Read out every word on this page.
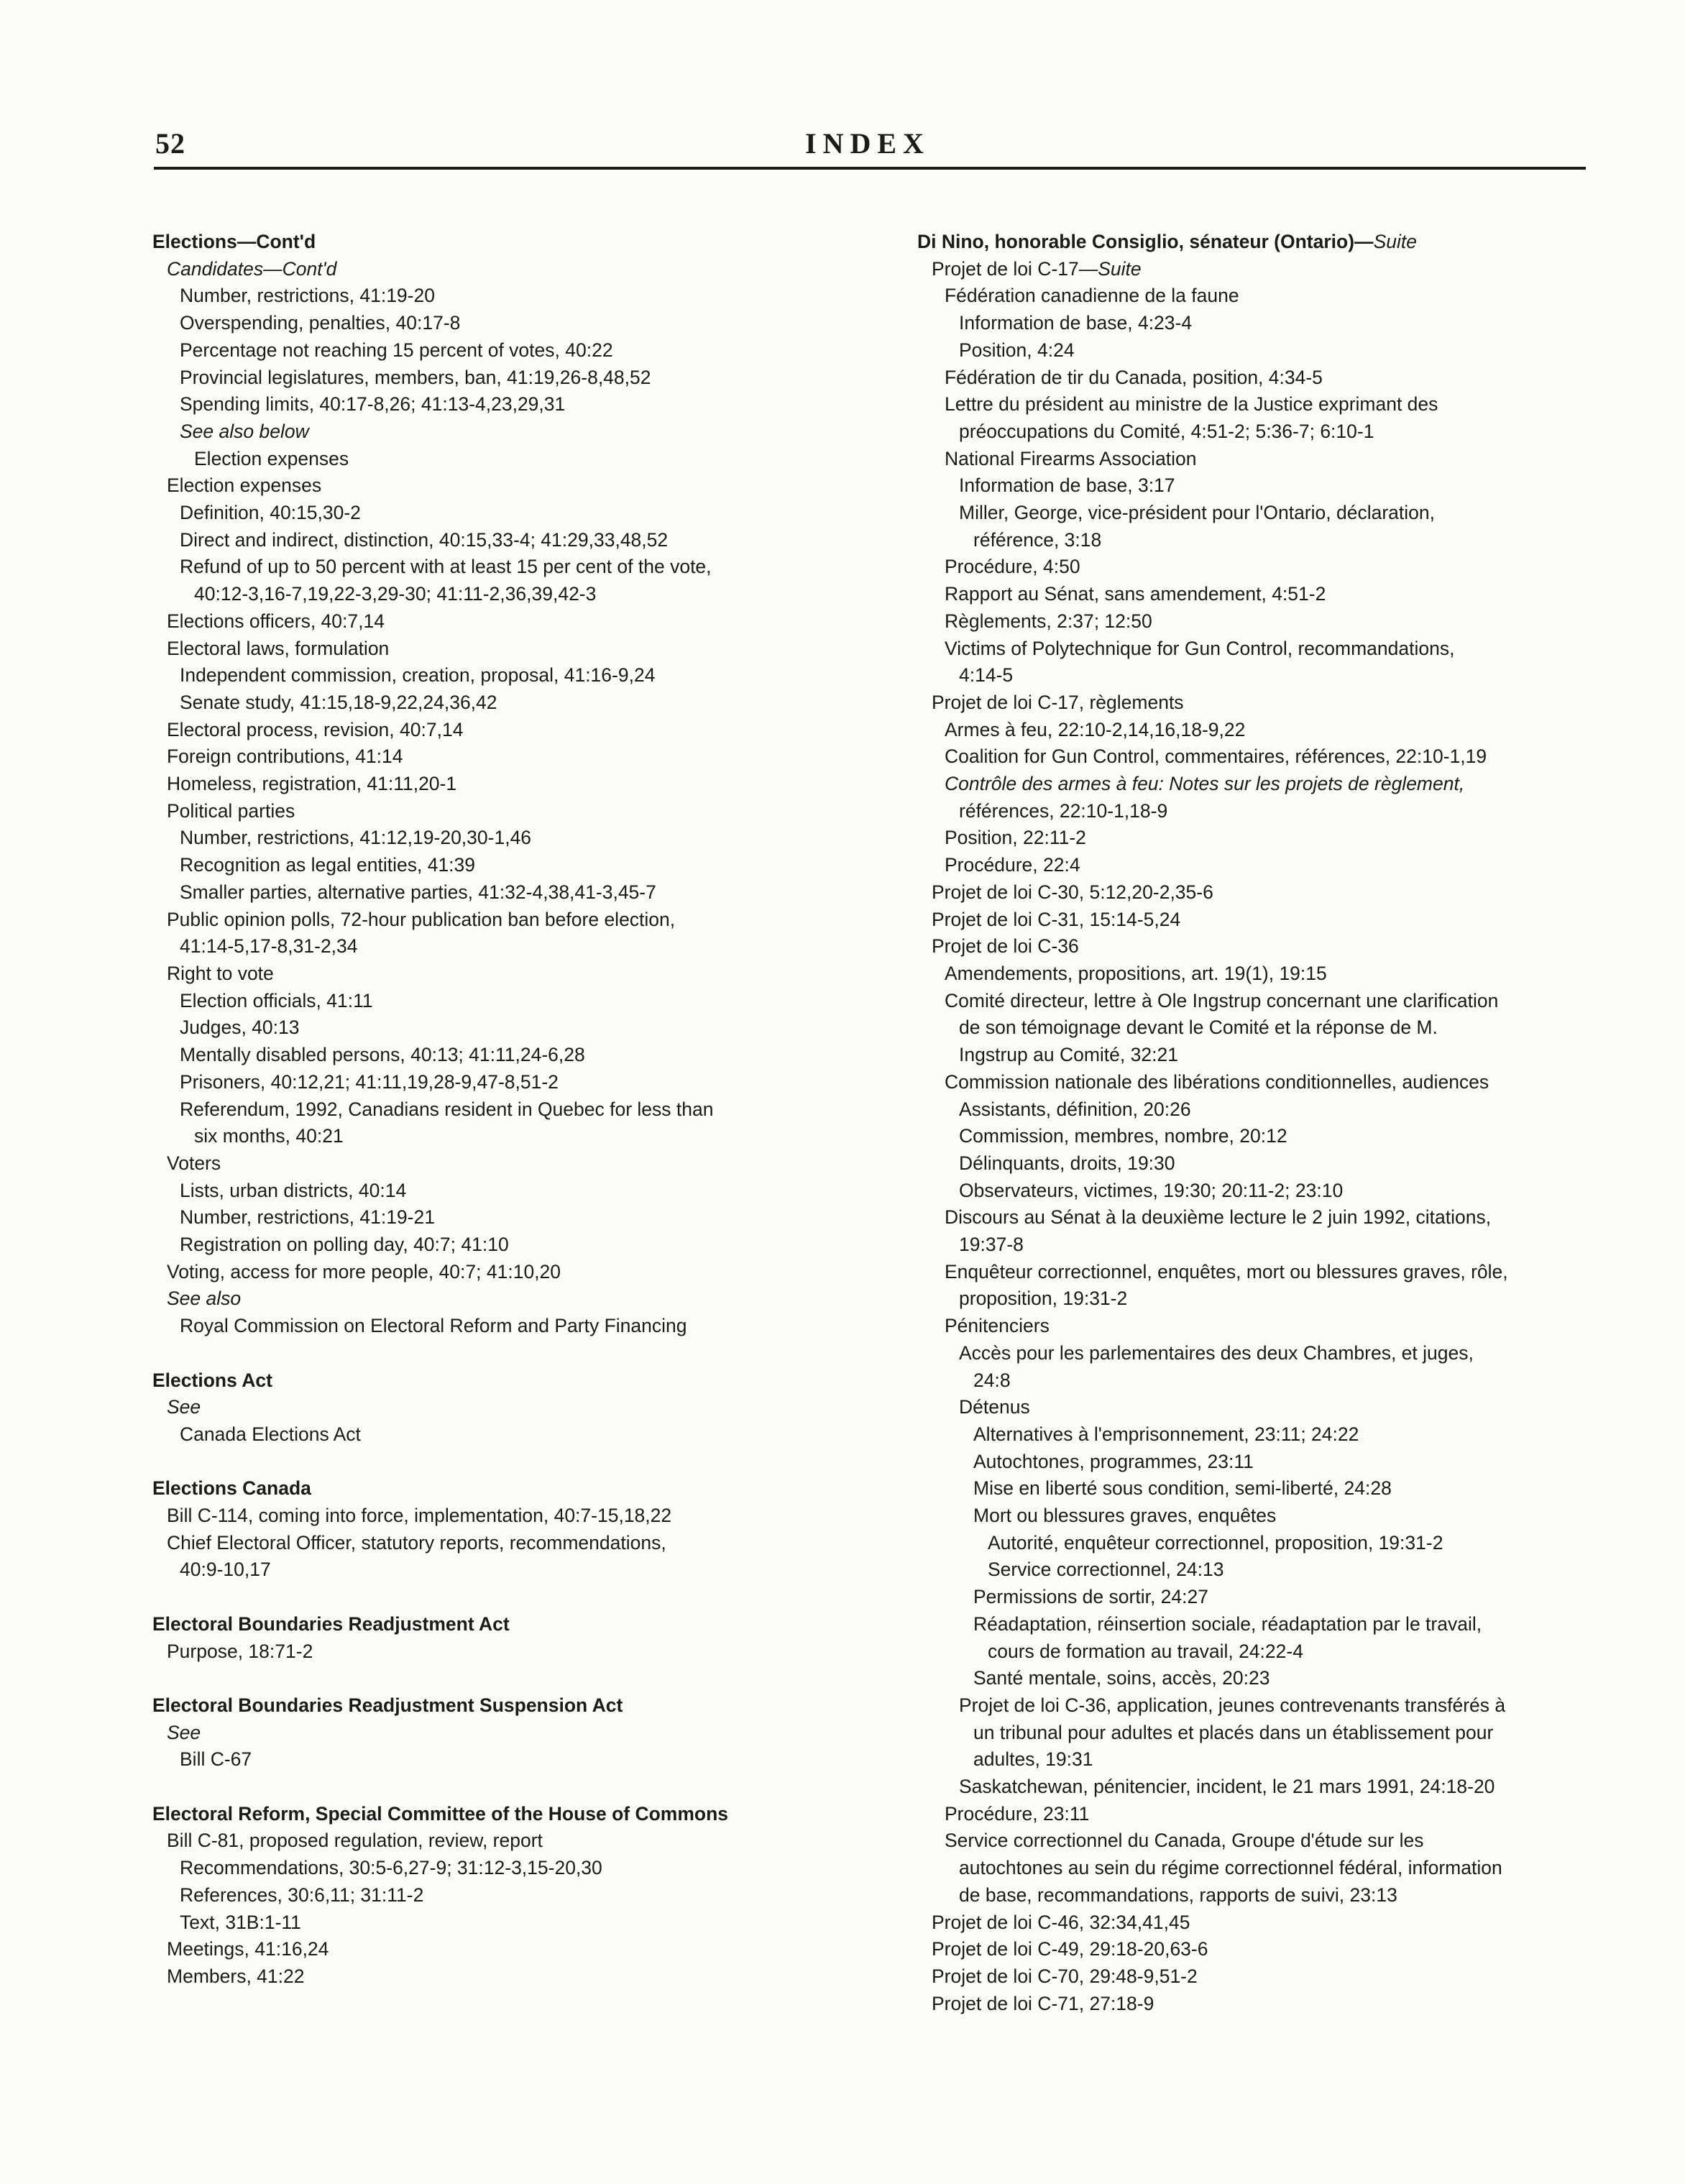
52	INDEX
Elections—Cont'd
Candidates—Cont'd
Number, restrictions, 41:19-20
Overspending, penalties, 40:17-8
Percentage not reaching 15 percent of votes, 40:22
Provincial legislatures, members, ban, 41:19,26-8,48,52
Spending limits, 40:17-8,26; 41:13-4,23,29,31
See also below
Election expenses
Election expenses
Definition, 40:15,30-2
Direct and indirect, distinction, 40:15,33-4; 41:29,33,48,52
Refund of up to 50 percent with at least 15 per cent of the vote,
40:12-3,16-7,19,22-3,29-30; 41:11-2,36,39,42-3
Elections officers, 40:7,14
Electoral laws, formulation
Independent commission, creation, proposal, 41:16-9,24
Senate study, 41:15,18-9,22,24,36,42
Electoral process, revision, 40:7,14
Foreign contributions, 41:14
Homeless, registration, 41:11,20-1
Political parties
Number, restrictions, 41:12,19-20,30-1,46
Recognition as legal entities, 41:39
Smaller parties, alternative parties, 41:32-4,38,41-3,45-7
Public opinion polls, 72-hour publication ban before election,
41:14-5,17-8,31-2,34
Right to vote
Election officials, 41:11
Judges, 40:13
Mentally disabled persons, 40:13; 41:11,24-6,28
Prisoners, 40:12,21; 41:11,19,28-9,47-8,51-2
Referendum, 1992, Canadians resident in Quebec for less than
six months, 40:21
Voters
Lists, urban districts, 40:14
Number, restrictions, 41:19-21
Registration on polling day, 40:7; 41:10
Voting, access for more people, 40:7; 41:10,20
See also
Royal Commission on Electoral Reform and Party Financing
Elections Act
See
Canada Elections Act
Elections Canada
Bill C-114, coming into force, implementation, 40:7-15,18,22
Chief Electoral Officer, statutory reports, recommendations,
40:9-10,17
Electoral Boundaries Readjustment Act
Purpose, 18:71-2
Electoral Boundaries Readjustment Suspension Act
See
Bill C-67
Electoral Reform, Special Committee of the House of Commons
Bill C-81, proposed regulation, review, report
Recommendations, 30:5-6,27-9; 31:12-3,15-20,30
References, 30:6,11; 31:11-2
Text, 31B:1-11
Meetings, 41:16,24
Members, 41:22
Di Nino, honorable Consiglio, sénateur (Ontario)—Suite
Projet de loi C-17—Suite
Fédération canadienne de la faune
Information de base, 4:23-4
Position, 4:24
Fédération de tir du Canada, position, 4:34-5
Lettre du président au ministre de la Justice exprimant des
préoccupations du Comité, 4:51-2; 5:36-7; 6:10-1
National Firearms Association
Information de base, 3:17
Miller, George, vice-président pour l'Ontario, déclaration,
référence, 3:18
Procédure, 4:50
Rapport au Sénat, sans amendement, 4:51-2
Règlements, 2:37; 12:50
Victims of Polytechnique for Gun Control, recommandations,
4:14-5
Projet de loi C-17, règlements
Armes à feu, 22:10-2,14,16,18-9,22
Coalition for Gun Control, commentaires, références, 22:10-1,19
Contrôle des armes à feu: Notes sur les projets de règlement,
références, 22:10-1,18-9
Position, 22:11-2
Procédure, 22:4
Projet de loi C-30, 5:12,20-2,35-6
Projet de loi C-31, 15:14-5,24
Projet de loi C-36
Amendements, propositions, art. 19(1), 19:15
Comité directeur, lettre à Ole Ingstrup concernant une clarification
de son témoignage devant le Comité et la réponse de M.
Ingstrup au Comité, 32:21
Commission nationale des libérations conditionnelles, audiences
Assistants, définition, 20:26
Commission, membres, nombre, 20:12
Délinquants, droits, 19:30
Observateurs, victimes, 19:30; 20:11-2; 23:10
Discours au Sénat à la deuxième lecture le 2 juin 1992, citations,
19:37-8
Enquêteur correctionnel, enquêtes, mort ou blessures graves, rôle,
proposition, 19:31-2
Pénitenciers
Accès pour les parlementaires des deux Chambres, et juges,
24:8
Détenus
Alternatives à l'emprisonnement, 23:11; 24:22
Autochtones, programmes, 23:11
Mise en liberté sous condition, semi-liberté, 24:28
Mort ou blessures graves, enquêtes
Autorité, enquêteur correctionnel, proposition, 19:31-2
Service correctionnel, 24:13
Permissions de sortir, 24:27
Réadaptation, réinsertion sociale, réadaptation par le travail,
cours de formation au travail, 24:22-4
Santé mentale, soins, accès, 20:23
Projet de loi C-36, application, jeunes contrevenants transférés à
un tribunal pour adultes et placés dans un établissement pour
adultes, 19:31
Saskatchewan, pénitencier, incident, le 21 mars 1991, 24:18-20
Procédure, 23:11
Service correctionnel du Canada, Groupe d'étude sur les
autochtones au sein du régime correctionnel fédéral, information
de base, recommandations, rapports de suivi, 23:13
Projet de loi C-46, 32:34,41,45
Projet de loi C-49, 29:18-20,63-6
Projet de loi C-70, 29:48-9,51-2
Projet de loi C-71, 27:18-9
